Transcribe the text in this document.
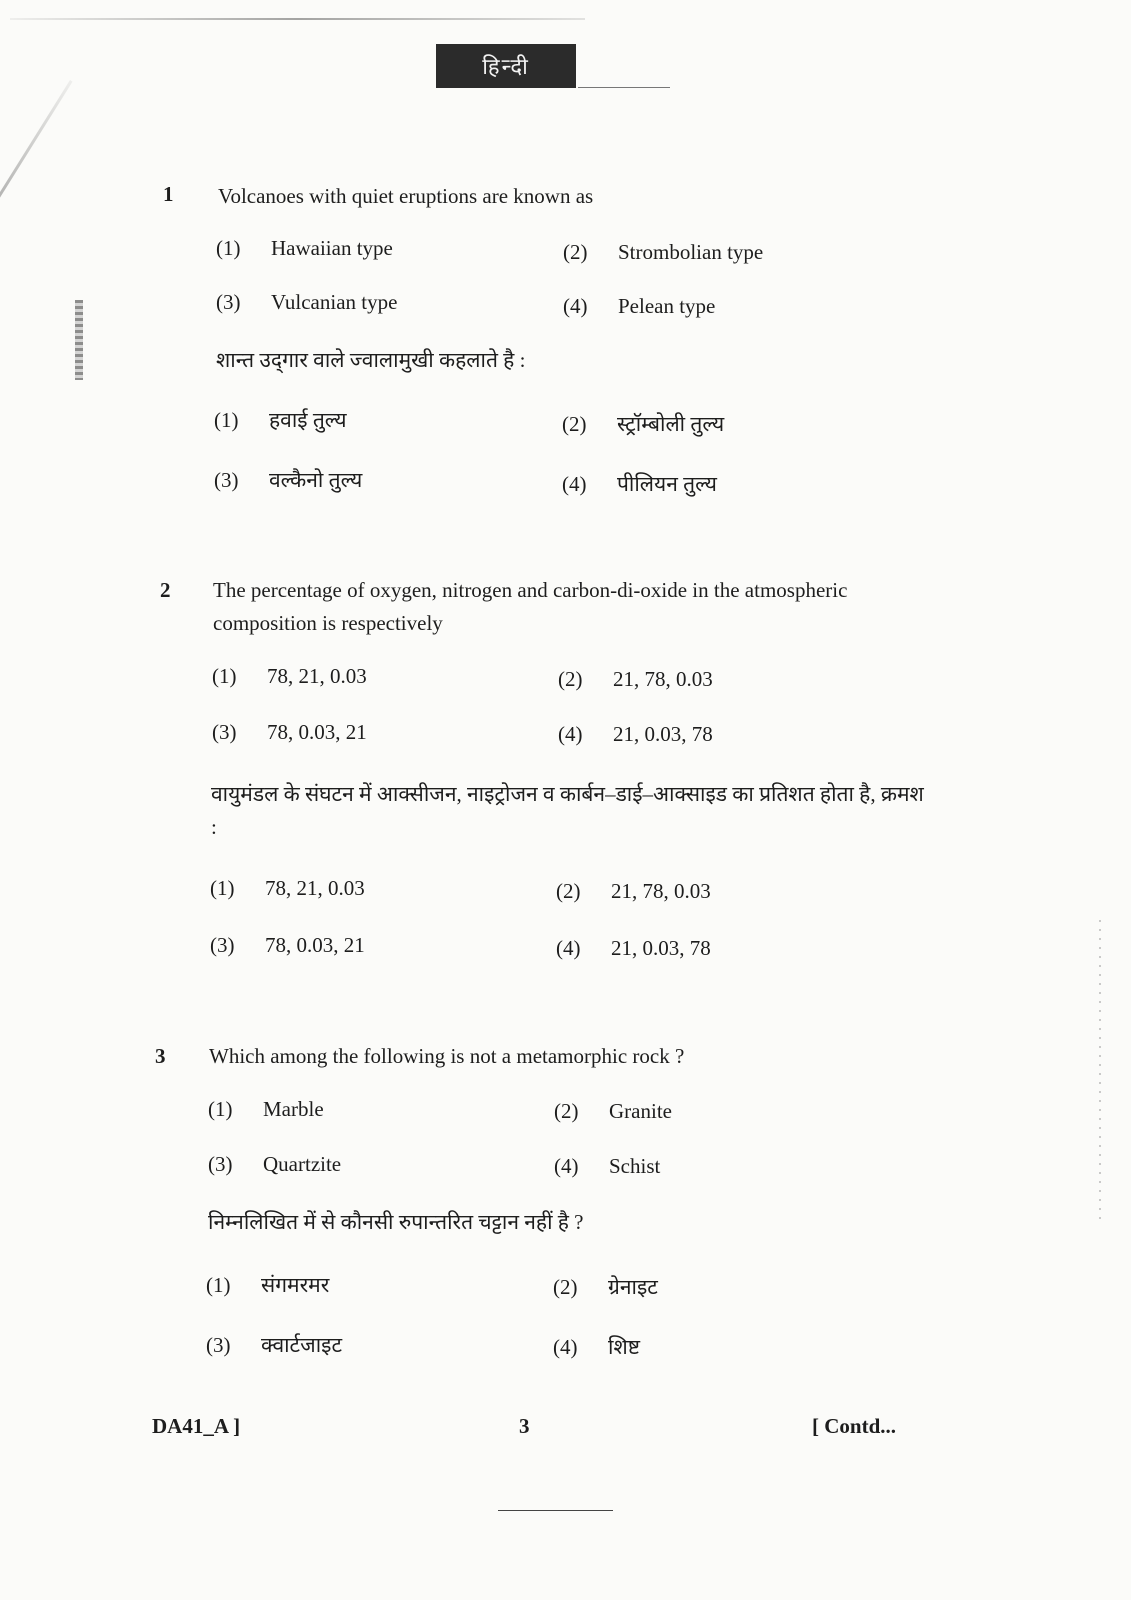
हिन्दी
1 Volcanoes with quiet eruptions are known as
(1) Hawaiian type	(2) Strombolian type
(3) Vulcanian type	(4) Pelean type
शान्त उद्‍गार वाले ज्वालामुखी कहलाते है :
(1) हवाई तुल्य	(2) स्ट्रॉम्बोली तुल्य
(3) वल्कैनो तुल्य	(4) पीलियन तुल्य
2 The percentage of oxygen, nitrogen and carbon-di-oxide in the atmospheric composition is respectively
(1) 78, 21, 0.03	(2) 21, 78, 0.03
(3) 78, 0.03, 21	(4) 21, 0.03, 78
वायुमंडल के संघटन में आक्सीजन, नाइट्रोजन व कार्बन–डाई–आक्साइड का प्रतिशत होता है, क्रमश :
(1) 78, 21, 0.03	(2) 21, 78, 0.03
(3) 78, 0.03, 21	(4) 21, 0.03, 78
3 Which among the following is not a metamorphic rock ?
(1) Marble	(2) Granite
(3) Quartzite	(4) Schist
निम्नलिखित में से कौनसी रुपान्तरित चट्टान नहीं है ?
(1) संगमरमर	(2) ग्रेनाइट
(3) क्वार्टजाइट	(4) शिष्ट
DA41_A ]	3	[ Contd...
